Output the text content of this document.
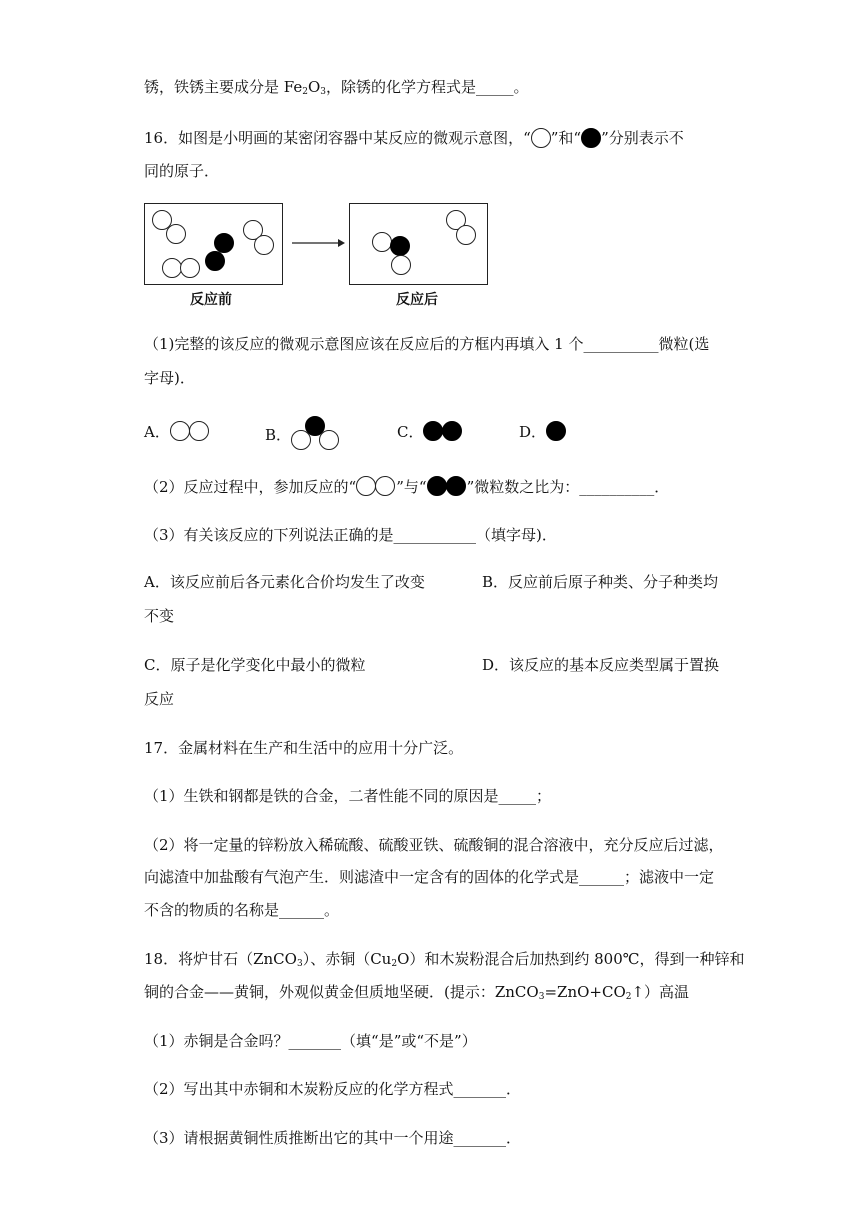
锈，铁锈主要成分是 $Fe_2O_3$，除锈的化学方程式是_____。
16．如图是小明画的某密闭容器中某反应的微观示意图，“ ”和“ ”分别表示不
同的原子．
反应前	反应后
（1)完整的该反应的微观示意图应该在反应后的方框内再填入 1 个__________微粒(选
字母)．
A．	B．	C．	D．
（2）反应过程中，参加反应的“	”与“	”微粒数之比为：__________．
（3）有关该反应的下列说法正确的是___________（填字母)．
A．该反应前后各元素化合价均发生了改变	B．反应前后原子种类、分子种类均
不变
C．原子是化学变化中最小的微粒	D．该反应的基本反应类型属于置换
反应
17．金属材料在生产和生活中的应用十分广泛。
（1）生铁和钢都是铁的合金，二者性能不同的原因是_____；
（2）将一定量的锌粉放入稀硫酸、硫酸亚铁、硫酸铜的混合溶液中，充分反应后过滤，
向滤渣中加盐酸有气泡产生．则滤渣中一定含有的固体的化学式是______；滤液中一定
不含的物质的名称是______。
18．将炉甘石（ZnCO$_3$）、赤铜$(Cu_2O)$和木炭粉混合后加热到约 800℃，得到一种锌和
铜的合金——黄铜，外观似黄金但质地坚硬．(提示：$ZnCO_3=ZnO+CO_2↑$）高温
（1）赤铜是合金吗？_______（填“是”或“不是”）
（2）写出其中赤铜和木炭粉反应的化学方程式_______．
（3）请根据黄铜性质推断出它的其中一个用途_______．
